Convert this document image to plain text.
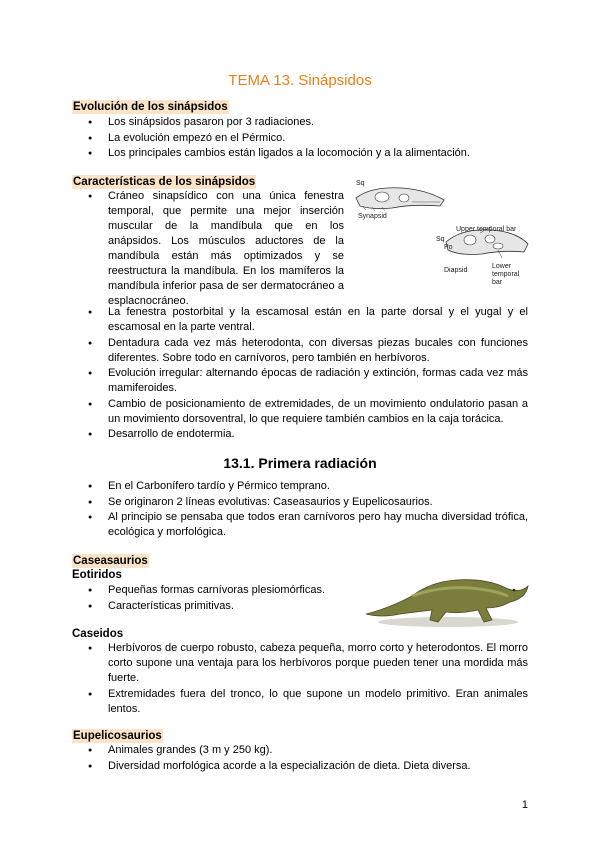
TEMA 13. Sinápsidos
Evolución de los sinápsidos
● Los sinápsidos pasaron por 3 radiaciones.
● La evolución empezó en el Pérmico.
● Los principales cambios están ligados a la locomoción y a la alimentación.
Características de los sinápsidos
● Cráneo sinapsídico con una única fenestra temporal, que permite una mejor inserción muscular de la mandíbula que en los anápsidos. Los músculos aductores de la mandíbula están más optimizados y se reestructura la mandíbula. En los mamíferos la mandíbula inferior pasa de ser dermatocráneo a esplacnocráneo.
● La fenestra postorbital y la escamosal están en la parte dorsal y el yugal y el escamosal en la parte ventral.
● Dentadura cada vez más heterodonta, con diversas piezas bucales con funciones diferentes. Sobre todo en carnívoros, pero también en herbívoros.
● Evolución irregular: alternando épocas de radiación y extinción, formas cada vez más mamiferoides.
● Cambio de posicionamiento de extremidades, de un movimiento ondulatorio pasan a un movimiento dorsoventral, lo que requiere también cambios en la caja torácica.
● Desarrollo de endotermia.
Sq
Synapsid
Upper temporal bar
Sq
Po
Diapsid
Lower
temporal
bar
13.1. Primera radiación
● En el Carbonífero tardío y Pérmico temprano.
● Se originaron 2 líneas evolutivas: Caseasaurios y Eupelicosaurios.
● Al principio se pensaba que todos eran carnívoros pero hay mucha diversidad trófica, ecológica y morfológica.
Caseasaurios
Eotiridos
● Pequeñas formas carnívoras plesiomórficas.
● Características primitivas.
Caseidos
● Herbívoros de cuerpo robusto, cabeza pequeña, morro corto y heterodontos. El morro corto supone una ventaja para los herbívoros porque pueden tener una mordida más fuerte.
● Extremidades fuera del tronco, lo que supone un modelo primitivo. Eran animales lentos.
Eupelicosaurios
● Animales grandes (3 m y 250 kg).
● Diversidad morfológica acorde a la especialización de dieta. Dieta diversa.
1
